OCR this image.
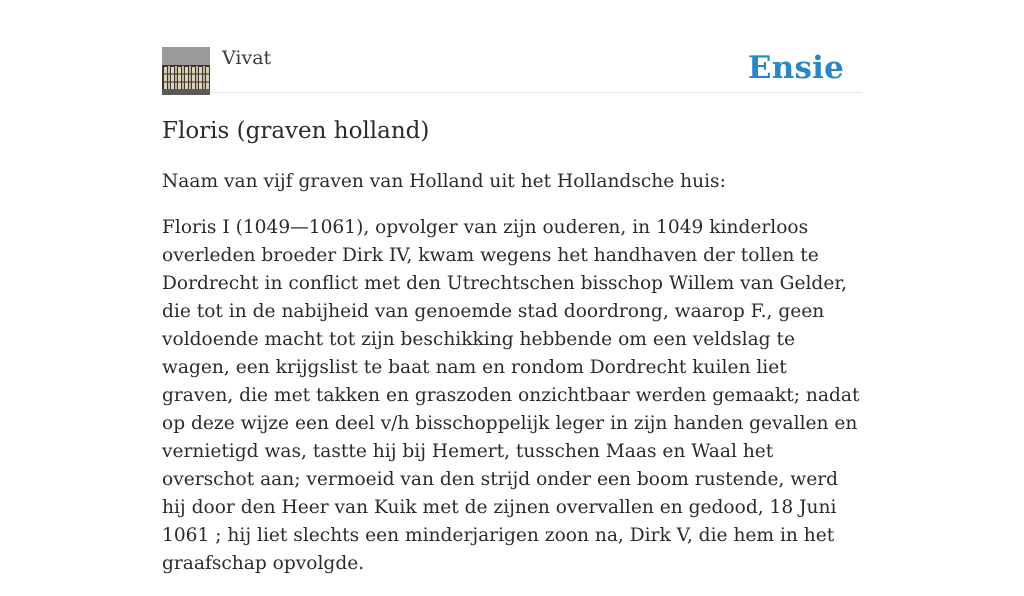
Vivat	Ensie
Floris (graven holland)

Naam van vijf graven van Holland uit het Hollandsche huis:

Floris I (1049—1061), opvolger van zijn ouderen, in 1049 kinderloos overleden broeder Dirk IV, kwam wegens het handhaven der tollen te Dordrecht in conflict met den Utrechtschen bisschop Willem van Gelder, die tot in de nabijheid van genoemde stad doordrong, waarop F., geen voldoende macht tot zijn beschikking hebbende om een veldslag te wagen, een krijgslist te baat nam en rondom Dordrecht kuilen liet graven, die met takken en graszoden onzichtbaar werden gemaakt; nadat op deze wijze een deel v/h bisschoppelijk leger in zijn handen gevallen en vernietigd was, tastte hij bij Hemert, tusschen Maas en Waal het overschot aan; vermoeid van den strijd onder een boom rustende, werd hij door den Heer van Kuik met de zijnen overvallen en gedood, 18 Juni 1061 ; hij liet slechts een minderjarigen zoon na, Dirk V, die hem in het graafschap opvolgde.
